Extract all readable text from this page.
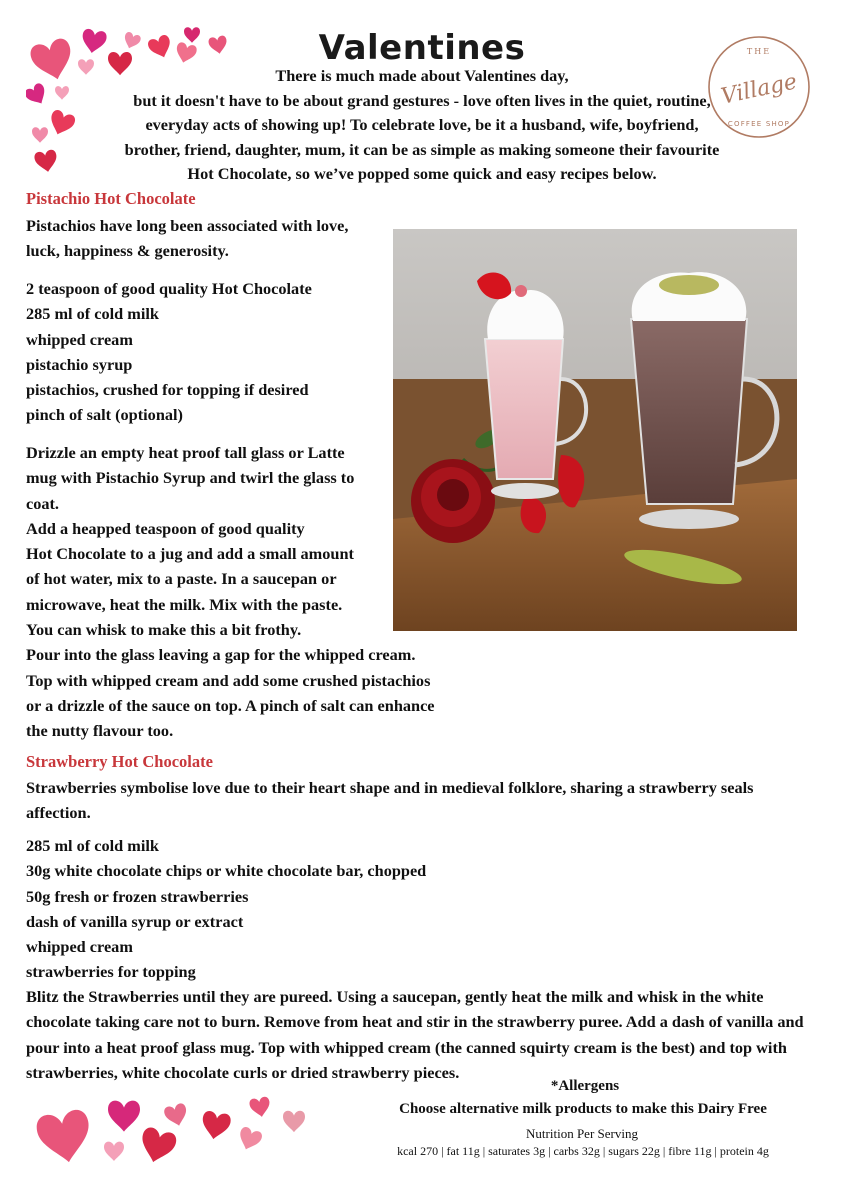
Valentines	THE
Village
COFFEE SHOP
There is much made about Valentines day,
but it doesn't have to be about grand gestures - love often lives in the quiet, routine,
everyday acts of showing up! To celebrate love, be it a husband, wife, boyfriend,
brother, friend, daughter, mum, it can be as simple as making someone their favourite
Hot Chocolate, so we’ve popped some quick and easy recipes below.
Pistachio Hot Chocolate
Pistachios have long been associated with love,
luck, happiness & generosity.
2 teaspoon of good quality Hot Chocolate
285 ml of cold milk
whipped cream
pistachio syrup
pistachios, crushed for topping if desired
pinch of salt (optional)
Drizzle an empty heat proof tall glass or Latte
mug with Pistachio Syrup and twirl the glass to
coat.
Add a heapped teaspoon of good quality
Hot Chocolate to a jug and add a small amount
of hot water, mix to a paste. In a saucepan or
microwave, heat the milk. Mix with the paste.
You can whisk to make this a bit frothy.
Pour into the glass leaving a gap for the whipped cream.
Top with whipped cream and add some crushed pistachios
or a drizzle of the sauce on top. A pinch of salt can enhance
the nutty flavour too.
Strawberry Hot Chocolate
Strawberries symbolise love due to their heart shape and in medieval folklore, sharing a strawberry seals affection.
285 ml of cold milk
30g white chocolate chips or white chocolate bar, chopped
50g fresh or frozen strawberries
dash of vanilla syrup or extract
whipped cream
strawberries for topping
Blitz the Strawberries until they are pureed. Using a saucepan, gently heat the milk and whisk in the white chocolate taking care not to burn. Remove from heat and stir in the strawberry puree. Add a dash of vanilla and pour into a heat proof glass mug. Top with whipped cream (the canned squirty cream is the best) and top with strawberries, white chocolate curls or dried strawberry pieces.
*Allergens
Choose alternative milk products to make this Dairy Free
Nutrition Per Serving
kcal 270 | fat 11g | saturates 3g | carbs 32g | sugars 22g | fibre 11g | protein 4g
